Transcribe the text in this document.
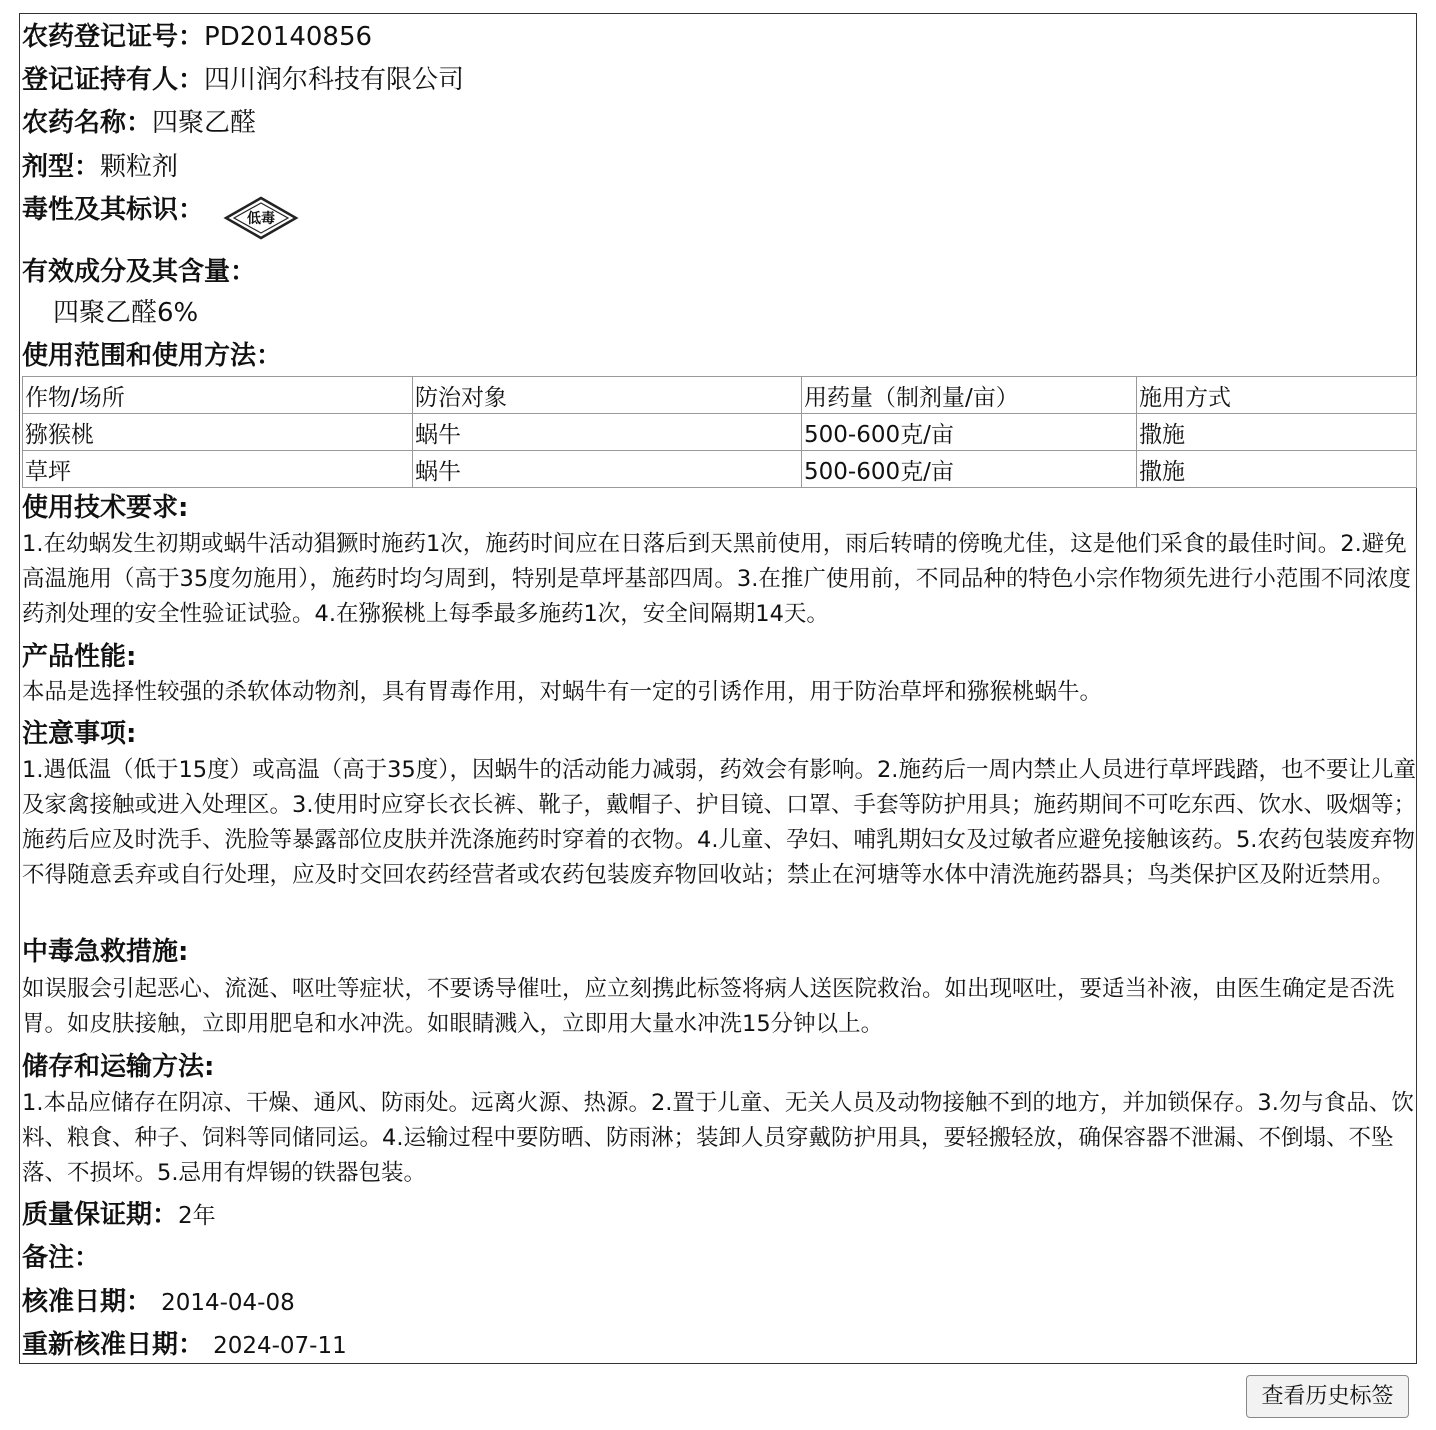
农药登记证号：PD20140856
登记证持有人：四川润尔科技有限公司
农药名称：四聚乙醛
剂型：颗粒剂
毒性及其标识：	低毒
有效成分及其含量：
四聚乙醛6%
使用范围和使用方法：
作物/场所	防治对象	用药量（制剂量/亩）	施用方式
猕猴桃	蜗牛	500-600克/亩	撒施
草坪	蜗牛	500-600克/亩	撒施
使用技术要求:
1.在幼蜗发生初期或蜗牛活动猖獗时施药1次，施药时间应在日落后到天黑前使用，雨后转晴的傍晚尤佳，这是他们采食的最佳时间。2.避免高温施用（高于35度勿施用），施药时均匀周到，特别是草坪基部四周。3.在推广使用前，不同品种的特色小宗作物须先进行小范围不同浓度药剂处理的安全性验证试验。4.在猕猴桃上每季最多施药1次，安全间隔期14天。
产品性能:
本品是选择性较强的杀软体动物剂，具有胃毒作用，对蜗牛有一定的引诱作用，用于防治草坪和猕猴桃蜗牛。
注意事项:
1.遇低温（低于15度）或高温（高于35度），因蜗牛的活动能力减弱，药效会有影响。2.施药后一周内禁止人员进行草坪践踏，也不要让儿童及家禽接触或进入处理区。3.使用时应穿长衣长裤、靴子，戴帽子、护目镜、口罩、手套等防护用具；施药期间不可吃东西、饮水、吸烟等；施药后应及时洗手、洗脸等暴露部位皮肤并洗涤施药时穿着的衣物。4.儿童、孕妇、哺乳期妇女及过敏者应避免接触该药。5.农药包装废弃物不得随意丢弃或自行处理，应及时交回农药经营者或农药包装废弃物回收站；禁止在河塘等水体中清洗施药器具；鸟类保护区及附近禁用。
中毒急救措施:
如误服会引起恶心、流涎、呕吐等症状，不要诱导催吐，应立刻携此标签将病人送医院救治。如出现呕吐，要适当补液，由医生确定是否洗胃。如皮肤接触，立即用肥皂和水冲洗。如眼睛溅入，立即用大量水冲洗15分钟以上。
储存和运输方法:
1.本品应储存在阴凉、干燥、通风、防雨处。远离火源、热源。2.置于儿童、无关人员及动物接触不到的地方，并加锁保存。3.勿与食品、饮料、粮食、种子、饲料等同储同运。4.运输过程中要防晒、防雨淋；装卸人员穿戴防护用具，要轻搬轻放，确保容器不泄漏、不倒塌、不坠落、不损坏。5.忌用有焊锡的铁器包装。
质量保证期：2年
备注：
核准日期： 2014-04-08
重新核准日期： 2024-07-11
查看历史标签
